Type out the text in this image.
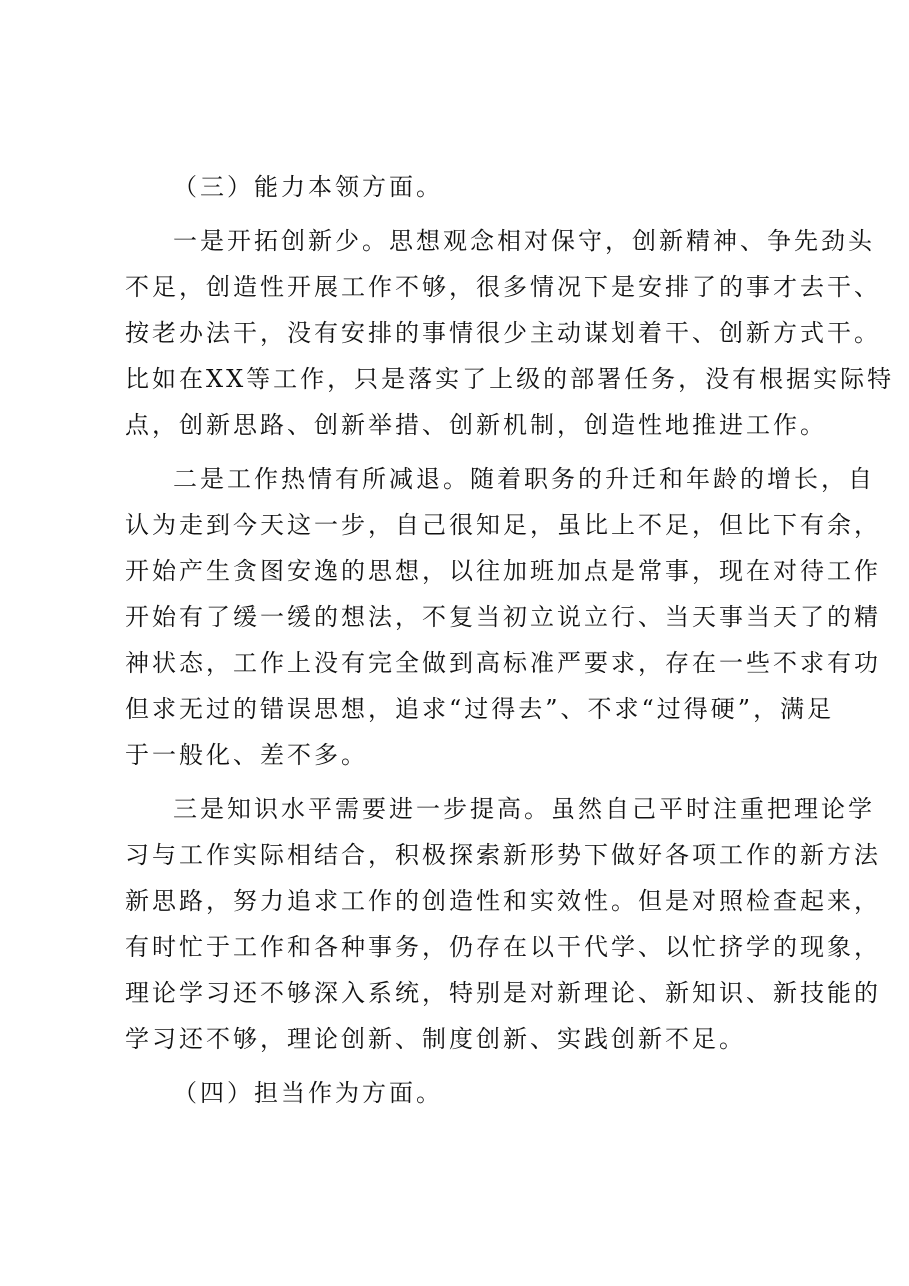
（三）能力本领方面。
一是开拓创新少。思想观念相对保守，创新精神、争先劲头
不足，创造性开展工作不够，很多情况下是安排了的事才去干、
按老办法干，没有安排的事情很少主动谋划着干、创新方式干。
比如在XX等工作，只是落实了上级的部署任务，没有根据实际特
点，创新思路、创新举措、创新机制，创造性地推进工作。
二是工作热情有所减退。随着职务的升迁和年龄的增长，自
认为走到今天这一步，自己很知足，虽比上不足，但比下有余，
开始产生贪图安逸的思想，以往加班加点是常事，现在对待工作
开始有了缓一缓的想法，不复当初立说立行、当天事当天了的精
神状态，工作上没有完全做到高标准严要求，存在一些不求有功
但求无过的错误思想，追求“过得去”、不求“过得硬”，满足
于一般化、差不多。
三是知识水平需要进一步提高。虽然自己平时注重把理论学
习与工作实际相结合，积极探索新形势下做好各项工作的新方法
新思路，努力追求工作的创造性和实效性。但是对照检查起来，
有时忙于工作和各种事务，仍存在以干代学、以忙挤学的现象，
理论学习还不够深入系统，特别是对新理论、新知识、新技能的
学习还不够，理论创新、制度创新、实践创新不足。
（四）担当作为方面。
